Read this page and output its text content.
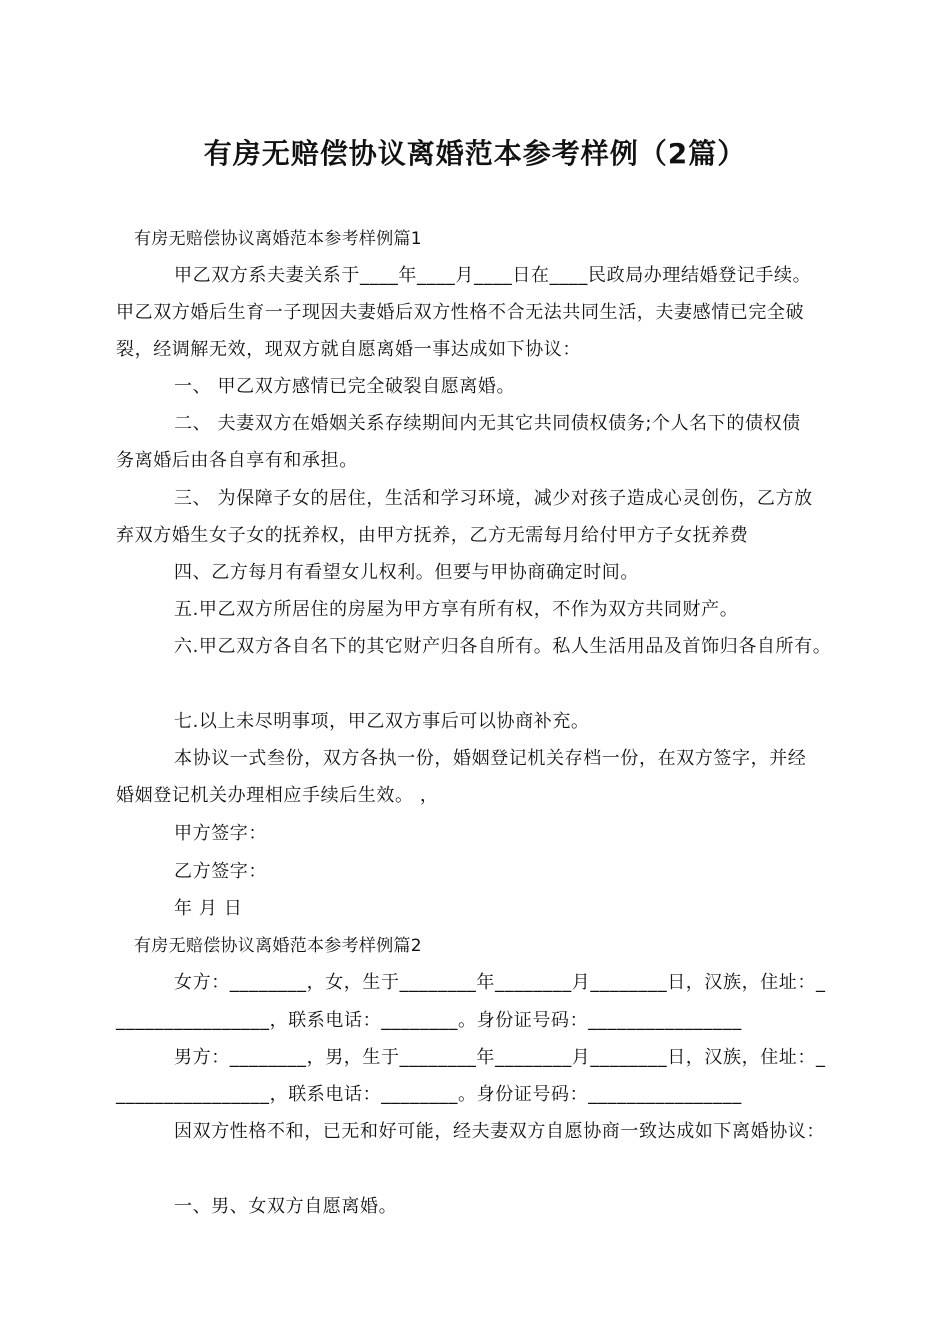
有房无赔偿协议离婚范本参考样例（2篇）
有房无赔偿协议离婚范本参考样例篇1
甲乙双方系夫妻关系于____年____月____日在____民政局办理结婚登记手续。
甲乙双方婚后生育一子现因夫妻婚后双方性格不合无法共同生活，夫妻感情已完全破
裂，经调解无效，现双方就自愿离婚一事达成如下协议：
一、 甲乙双方感情已完全破裂自愿离婚。
二、 夫妻双方在婚姻关系存续期间内无其它共同债权债务;个人名下的债权债
务离婚后由各自享有和承担。
三、 为保障子女的居住，生活和学习环境，减少对孩子造成心灵创伤，乙方放
弃双方婚生女子女的抚养权，由甲方抚养，乙方无需每月给付甲方子女抚养费
四、乙方每月有看望女儿权利。但要与甲协商确定时间。
五.甲乙双方所居住的房屋为甲方享有所有权，不作为双方共同财产。
六.甲乙双方各自名下的其它财产归各自所有。私人生活用品及首饰归各自所有。
七.以上未尽明事项，甲乙双方事后可以协商补充。
本协议一式叁份，双方各执一份，婚姻登记机关存档一份，在双方签字，并经
婚姻登记机关办理相应手续后生效。 ，
甲方签字：
乙方签字：
年 月 日
有房无赔偿协议离婚范本参考样例篇2
女方：________，女，生于________年________月________日，汉族，住址：_
________________，联系电话：________。身份证号码：________________
男方：________，男，生于________年________月________日，汉族，住址：_
________________，联系电话：________。身份证号码：________________
因双方性格不和，已无和好可能，经夫妻双方自愿协商一致达成如下离婚协议：
一、男、女双方自愿离婚。
